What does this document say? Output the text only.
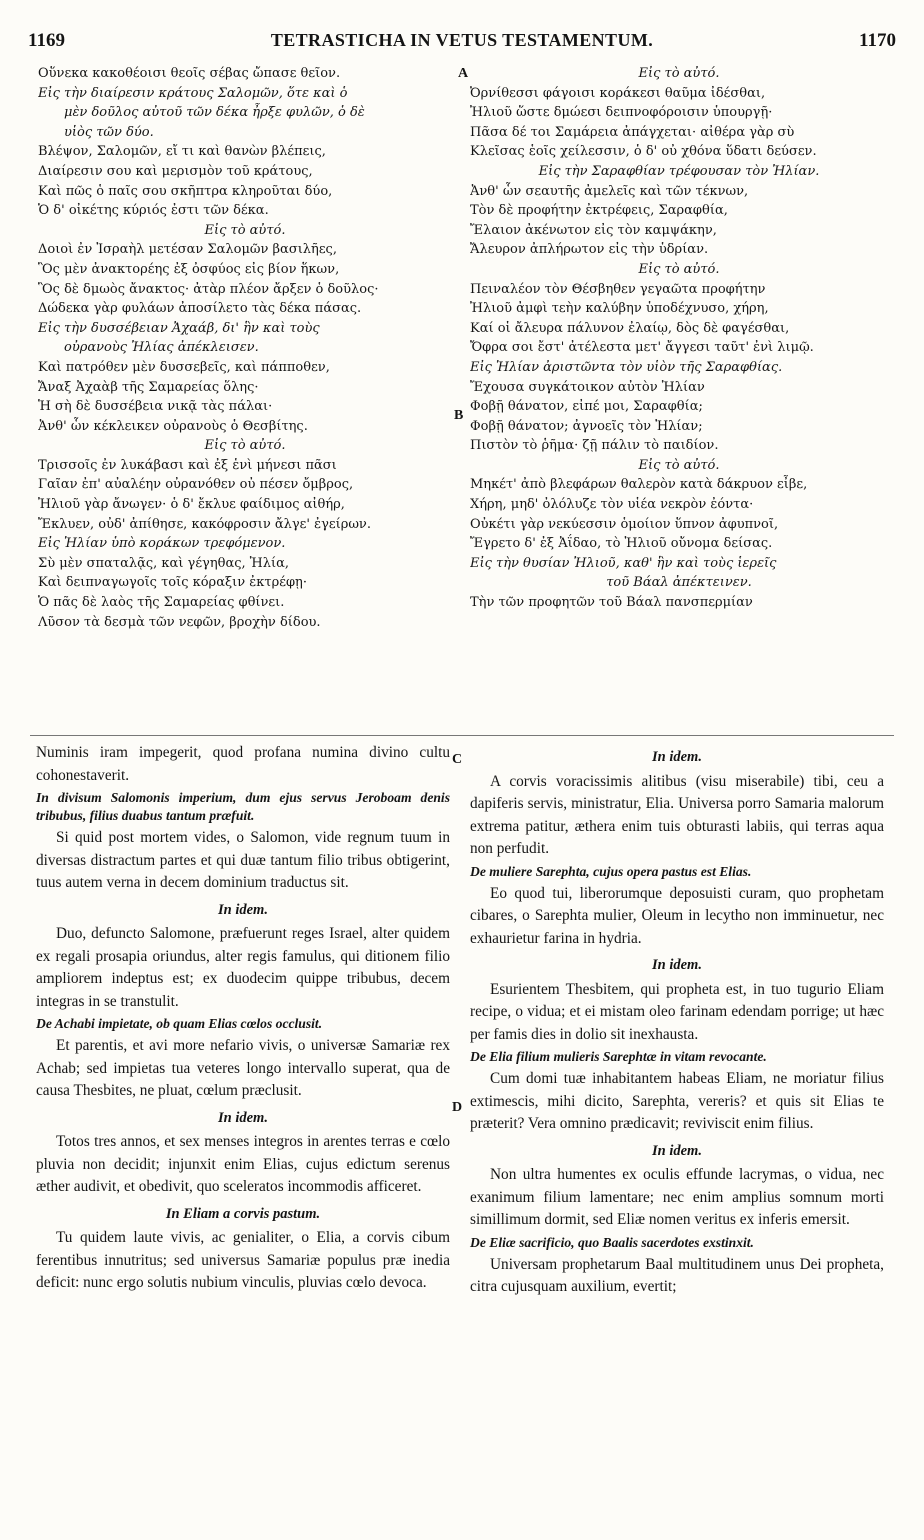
1169	TETRASTICHA IN VETUS TESTAMENTUM.	1170
Οὕνεκα κακοθέοισι θεοῖς σέβας ὤπασε θεῖον.
Εἰς τὴν διαίρεσιν κράτους Σαλομῶν, ὅτε καὶ ὁ
μὲν δοῦλος αὐτοῦ τῶν δέκα ἦρξε φυλῶν, ὁ δὲ
υἱὸς τῶν δύο.
Βλέψον, Σαλομῶν, εἴ τι καὶ θανὼν βλέπεις,
Διαίρεσιν σου καὶ μερισμὸν τοῦ κράτους,
Καὶ πῶς ὁ παῖς σου σκῆπτρα κληροῦται δύο,
Ὁ δ' οἰκέτης κύριός ἐστι τῶν δέκα.
Εἰς τὸ αὐτό.
Δοιοὶ ἐν Ἰσραὴλ μετέσαν Σαλομῶν βασιλῆες,
Ὃς μὲν ἀνακτορέης ἐξ ὀσφύος εἰς βίον ἥκων,
Ὃς δὲ δμωὸς ἄνακτος· ἀτὰρ πλέον ἄρξεν ὁ δοῦλος·
Δώδεκα γὰρ φυλάων ἀποσίλετο τὰς δέκα πάσας.
Εἰς τὴν δυσσέβειαν Ἀχαάβ, δι' ἣν καὶ τοὺς
οὐρανοὺς Ἠλίας ἀπέκλεισεν.
Καὶ πατρόθεν μὲν δυσσεβεῖς, καὶ πάπποθεν,
Ἄναξ Ἀχαὰβ τῆς Σαμαρείας ὅλης·
Ἡ σὴ δὲ δυσσέβεια νικᾷ τὰς πάλαι·
Ἀνθ' ὧν κέκλεικεν οὐρανοὺς ὁ Θεσβίτης.
Εἰς τὸ αὐτό.
Τρισσοῖς ἐν λυκάβασι καὶ ἐξ ἑνὶ μήνεσι πᾶσι
Γαῖαν ἐπ' αὐαλέην οὐρανόθεν οὐ πέσεν ὄμβρος,
Ἠλιοῦ γὰρ ἄνωγεν· ὁ δ' ἔκλυε φαίδιμος αἰθήρ,
Ἔκλυεν, οὐδ' ἀπίθησε, κακόφροσιν ἄλγε' ἐγείρων.
Εἰς Ἠλίαν ὑπὸ κοράκων τρεφόμενον.
Σὺ μὲν σπαταλᾷς, καὶ γέγηθας, Ἠλία,
Καὶ δειπναγωγοῖς τοῖς κόραξιν ἐκτρέφῃ·
Ὁ πᾶς δὲ λαὸς τῆς Σαμαρείας φθίνει.
Λῦσον τὰ δεσμὰ τῶν νεφῶν, βροχὴν δίδου.
Εἰς τὸ αὐτό.
Ὀρνίθεσσι φάγοισι κοράκεσι θαῦμα ἰδέσθαι,
Ἠλιοῦ ὥστε δμώεσι δειπνοφόροισιν ὑπουργῇ·
Πᾶσα δέ τοι Σαμάρεια ἀπάγχεται· αἰθέρα γὰρ σὺ
Κλεῖσας ἑοῖς χείλεσσιν, ὁ δ' οὐ χθόνα ὕδατι δεύσεν.
Εἰς τὴν Σαραφθίαν τρέφουσαν τὸν Ἠλίαν.
Ἀνθ' ὧν σεαυτῆς ἀμελεῖς καὶ τῶν τέκνων,
Τὸν δὲ προφήτην ἐκτρέφεις, Σαραφθία,
Ἔλαιον ἀκένωτον εἰς τὸν καμψάκην,
Ἄλευρον ἀπλήρωτον εἰς τὴν ὑδρίαν.
Εἰς τὸ αὐτό.
Πειναλέον τὸν Θέσβηθεν γεγαῶτα προφήτην
Ἠλιοῦ ἀμφὶ τεὴν καλύβην ὑποδέχνυσο, χήρη,
Καί οἱ ἄλευρα πάλυνον ἐλαίῳ, δὸς δὲ φαγέσθαι,
Ὄφρα σοι ἔστ' ἀτέλεστα μετ' ἄγγεσι ταῦτ' ἐνὶ λιμῷ.
Εἰς Ἠλίαν ἀριστῶντα τὸν υἱὸν τῆς Σαραφθίας.
Ἔχουσα συγκάτοικον αὐτὸν Ἠλίαν
Φοβῇ θάνατον, εἰπέ μοι, Σαραφθία;
Φοβῇ θάνατον; ἀγνοεῖς τὸν Ἠλίαν;
Πιστὸν τὸ ῥῆμα· ζῇ πάλιν τὸ παιδίον.
Εἰς τὸ αὐτό.
Μηκέτ' ἀπὸ βλεφάρων θαλερὸν κατὰ δάκρυον εἶβε,
Χήρη, μηδ' ὀλόλυζε τὸν υἱέα νεκρὸν ἐόντα·
Οὐκέτι γὰρ νεκύεσσιν ὁμοίιον ὕπνον ἀφυπνοῖ,
Ἔγρετο δ' ἐξ Ἀΐδαο, τὸ Ἠλιοῦ οὔνομα δείσας.
Εἰς τὴν θυσίαν Ἠλιοῦ, καθ' ἣν καὶ τοὺς ἱερεῖς
τοῦ Βάαλ ἀπέκτεινεν.
Τὴν τῶν προφητῶν τοῦ Βάαλ πανσπερμίαν

Numinis iram impegerit, quod profana numina divino cultu cohonestaverit.

In divisum Salomonis imperium, dum ejus servus Jeroboam denis tribubus, filius duabus tantum præfuit.

Si quid post mortem vides, o Salomon, vide regnum tuum in diversas distractum partes et qui duæ tantum filio tribus obtigerint, tuus autem verna in decem dominium traductus sit.

In idem.

Duo, defuncto Salomone, præfuerunt reges Israel, alter quidem ex regali prosapia oriundus, alter regis famulus, qui ditionem filio ampliorem indeptus est; ex duodecim quippe tribubus, decem integras in se transtulit.

De Achabi impietate, ob quam Elias cœlos occlusit.

Et parentis, et avi more nefario vivis, o universæ Samariæ rex Achab; sed impietas tua veteres longo intervallo superat, qua de causa Thesbites, ne pluat, cœlum præclusit.

In idem.

Totos tres annos, et sex menses integros in arentes terras e cœlo pluvia non decidit; injunxit enim Elias, cujus edictum serenus æther audivit, et obedivit, quo sceleratos incommodis afficeret.

In Eliam a corvis pastum.

Tu quidem laute vivis, ac genialiter, o Elia, a corvis cibum ferentibus innutritus; sed universus Samariæ populus præ inedia deficit: nunc ergo solutis nubium vinculis, pluvias cœlo devoca.

In idem.

A corvis voracissimis alitibus (visu miserabile) tibi, ceu a dapiferis servis, ministratur, Elia. Universa porro Samaria malorum extrema patitur, æthera enim tuis obturasti labiis, qui terras aqua non perfudit.

De muliere Sarephta, cujus opera pastus est Elias.

Eo quod tui, liberorumque deposuisti curam, quo prophetam cibares, o Sarephta mulier, Oleum in lecytho non imminuetur, nec exhaurietur farina in hydria.

In idem.

Esurientem Thesbitem, qui propheta est, in tuo tugurio Eliam recipe, o vidua; et ei mistam oleo farinam edendam porrige; ut hæc per famis dies in dolio sit inexhausta.

De Elia filium mulieris Sarephtæ in vitam revocante.

Cum domi tuæ inhabitantem habeas Eliam, ne moriatur filius extimescis, mihi dicito, Sarephta, vereris? et quis sit Elias te præterit? Vera omnino prædicavit; reviviscit enim filius.

In idem.

Non ultra humentes ex oculis effunde lacrymas, o vidua, nec exanimum filium lamentare; nec enim amplius somnum morti simillimum dormit, sed Eliæ nomen veritus ex inferis emersit.

De Eliæ sacrificio, quo Baalis sacerdotes exstinxit.

Universam prophetarum Baal multitudinem unus Dei propheta, citra cujusquam auxilium, evertit;

A
B
C
D
